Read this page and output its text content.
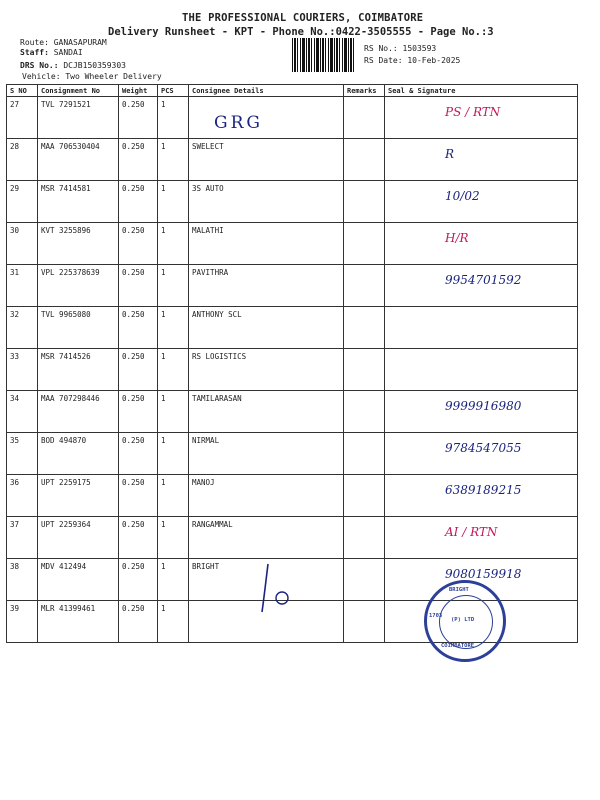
THE PROFESSIONAL COURIERS, COIMBATORE
Delivery Runsheet - KPT - Phone No.:0422-3505555 - Page No.:3
Route: GANASAPURAM
Staff: SANDAI
DRS No.: DCJB150359303
Vehicle: Two Wheeler Delivery
RS No.: 1503593
RS Date: 10-Feb-2025
S NO	Consignment No	Weight	PCS	Consignee Details	Remarks	Seal & Signature
27	TVL 7291521	0.250	1			PS / RTN

28	MAA 706530404	0.250	1	SWELECT		R

29	MSR 7414581	0.250	1	3S AUTO		10/02

30	KVT 3255896	0.250	1	MALATHI		H/R

31	VPL 225378639	0.250	1	PAVITHRA		9954701592

32	TVL 9965080	0.250	1	ANTHONY SCL		

33	MSR 7414526	0.250	1	RS LOGISTICS		

34	MAA 707298446	0.250	1	TAMILARASAN		9999916980

35	BOD 494870	0.250	1	NIRMAL		9784547055

36	UPT 2259175	0.250	1	MANOJ		6389189215

37	UPT 2259364	0.250	1	RANGAMMAL		AI / RTN

38	MDV 412494	0.250	1	BRIGHT		9080159918

39	MLR 41399461	0.250	1			
GRG
BRIGHT
COIMBATORE
1703
(P) LTD
